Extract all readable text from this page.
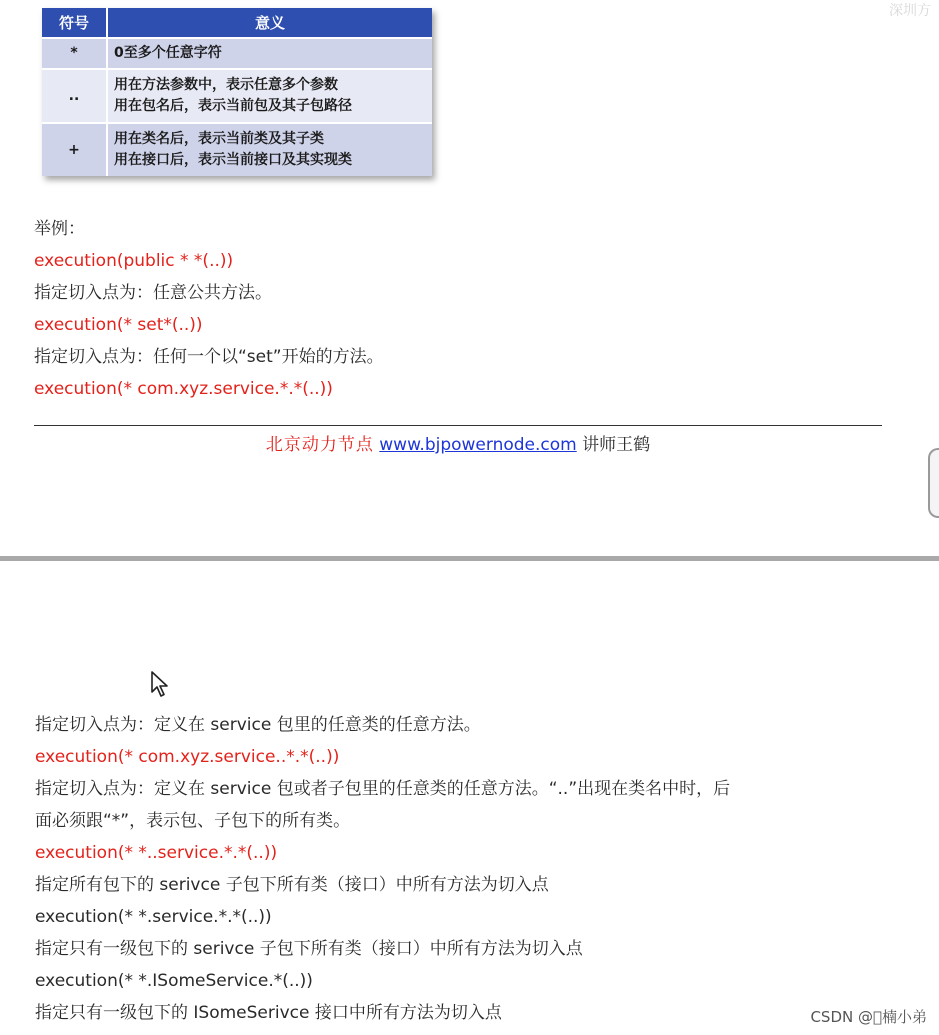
深圳方
符号	意义
*	0至多个任意字符

..	用在方法参数中，表示任意多个参数
用在包名后，表示当前包及其子包路径

+	用在类名后，表示当前类及其子类
用在接口后，表示当前接口及其实现类
举例：
execution(public * *(..))
指定切入点为：任意公共方法。
execution(* set*(..))
指定切入点为：任何一个以“set”开始的方法。
execution(* com.xyz.service.*.*(..))
北京动力节点 www.bjpowernode.com 讲师王鹤
指定切入点为：定义在 service 包里的任意类的任意方法。
execution(* com.xyz.service..*.*(..))
指定切入点为：定义在 service 包或者子包里的任意类的任意方法。“..”出现在类名中时，后
面必须跟“*”，表示包、子包下的所有类。
execution(* *..service.*.*(..))
指定所有包下的 serivce 子包下所有类（接口）中所有方法为切入点
execution(* *.service.*.*(..))
指定只有一级包下的 serivce 子包下所有类（接口）中所有方法为切入点
execution(* *.ISomeService.*(..))
指定只有一级包下的 ISomeSerivce 接口中所有方法为切入点	CSDN @ 楠小弟
